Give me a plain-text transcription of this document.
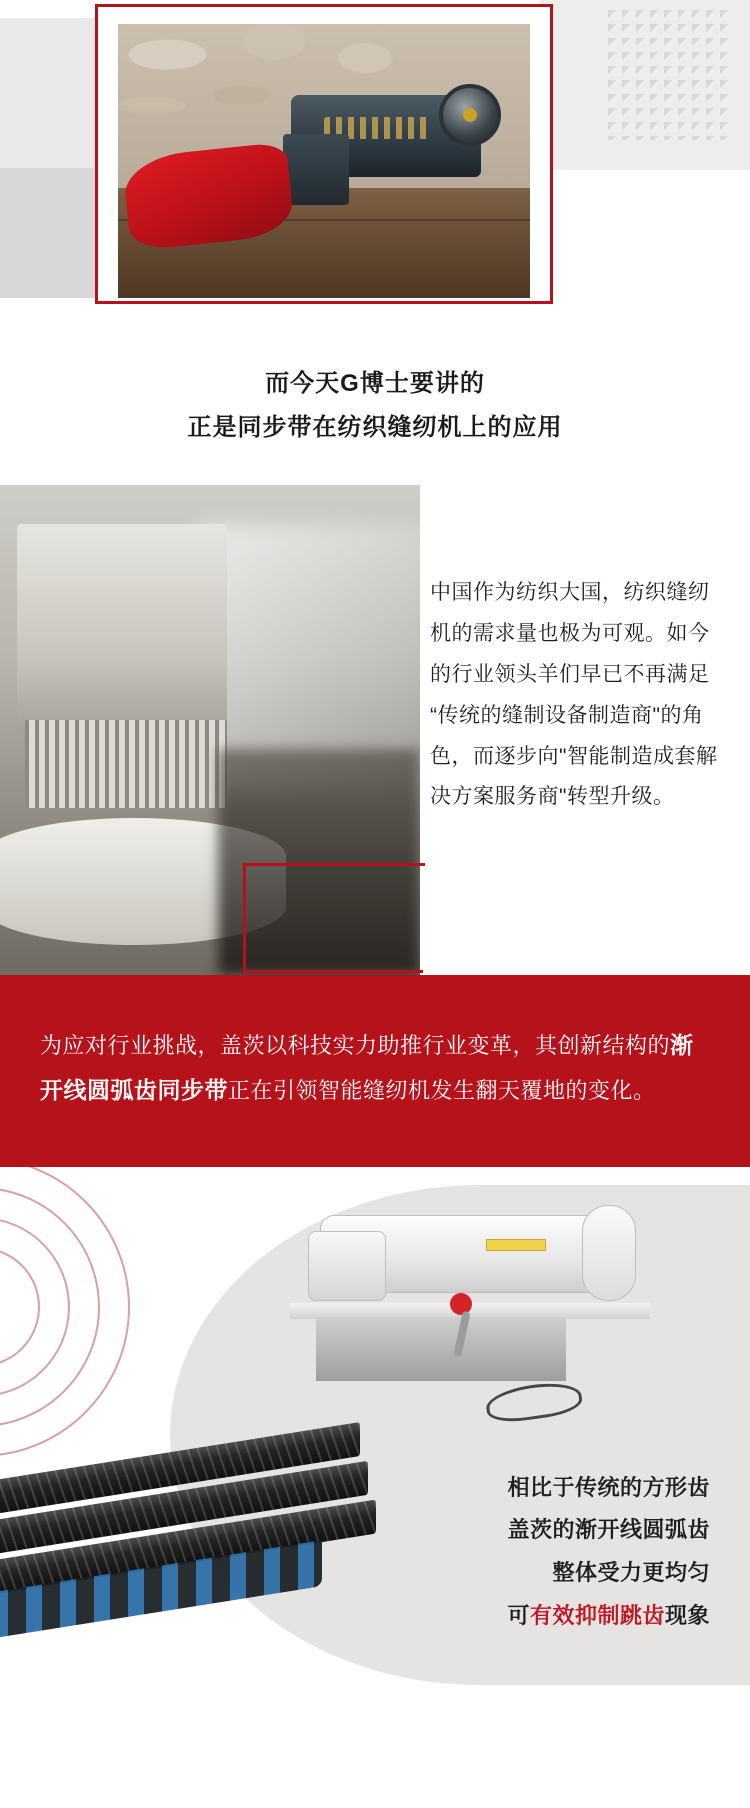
而今天G博士要讲的
正是同步带在纺织缝纫机上的应用
中国作为纺织大国，纺织缝纫机的需求量也极为可观。如今的行业领头羊们早已不再满足“传统的缝制设备制造商"的角色，而逐步向"智能制造成套解决方案服务商"转型升级。

为应对行业挑战，盖茨以科技实力助推行业变革，其创新结构的渐开线圆弧齿同步带正在引领智能缝纫机发生翻天覆地的变化。

相比于传统的方形齿
盖茨的渐开线圆弧齿
整体受力更均匀
可有效抑制跳齿现象
